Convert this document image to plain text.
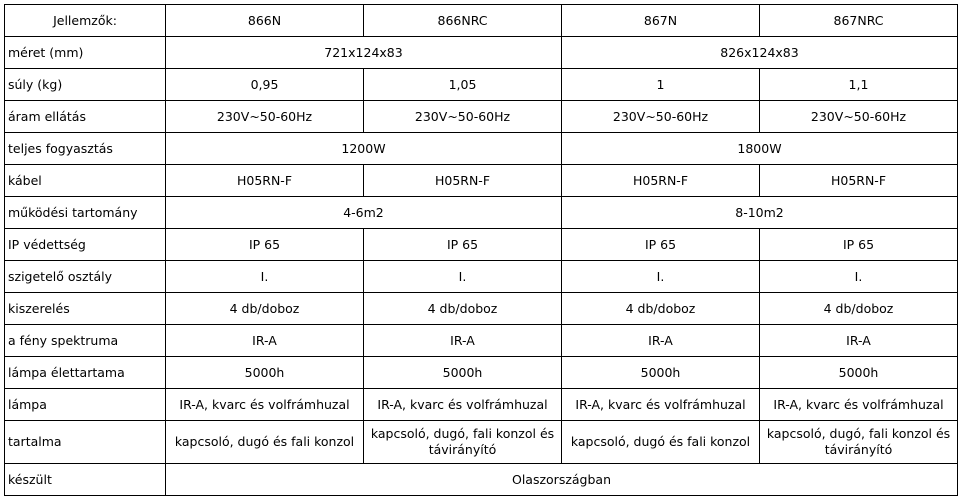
Jellemzők:	866N	866NRC	867N	867NRC
méret (mm)	721x124x83		826x124x83	
súly (kg)	0,95	1,05	1	1,1
áram ellátás	230V~50-60Hz	230V~50-60Hz	230V~50-60Hz	230V~50-60Hz
teljes fogyasztás	1200W		1800W	
kábel	H05RN-F	H05RN-F	H05RN-F	H05RN-F
működési tartomány	4-6m2		8-10m2	
IP védettség	IP 65	IP 65	IP 65	IP 65
szigetelő osztály	I.	I.	I.	I.
kiszerelés	4 db/doboz	4 db/doboz	4 db/doboz	4 db/doboz
a fény spektruma	IR-A	IR-A	IR-A	IR-A
lámpa élettartama	5000h	5000h	5000h	5000h
lámpa	IR-A, kvarc és volfrámhuzal	IR-A, kvarc és volfrámhuzal	IR-A, kvarc és volfrámhuzal	IR-A, kvarc és volfrámhuzal
tartalma	kapcsoló, dugó és fali konzol	kapcsoló, dugó, fali konzol és távirányító	kapcsoló, dugó és fali konzol	kapcsoló, dugó, fali konzol és távirányító
készült	Olaszországban			
